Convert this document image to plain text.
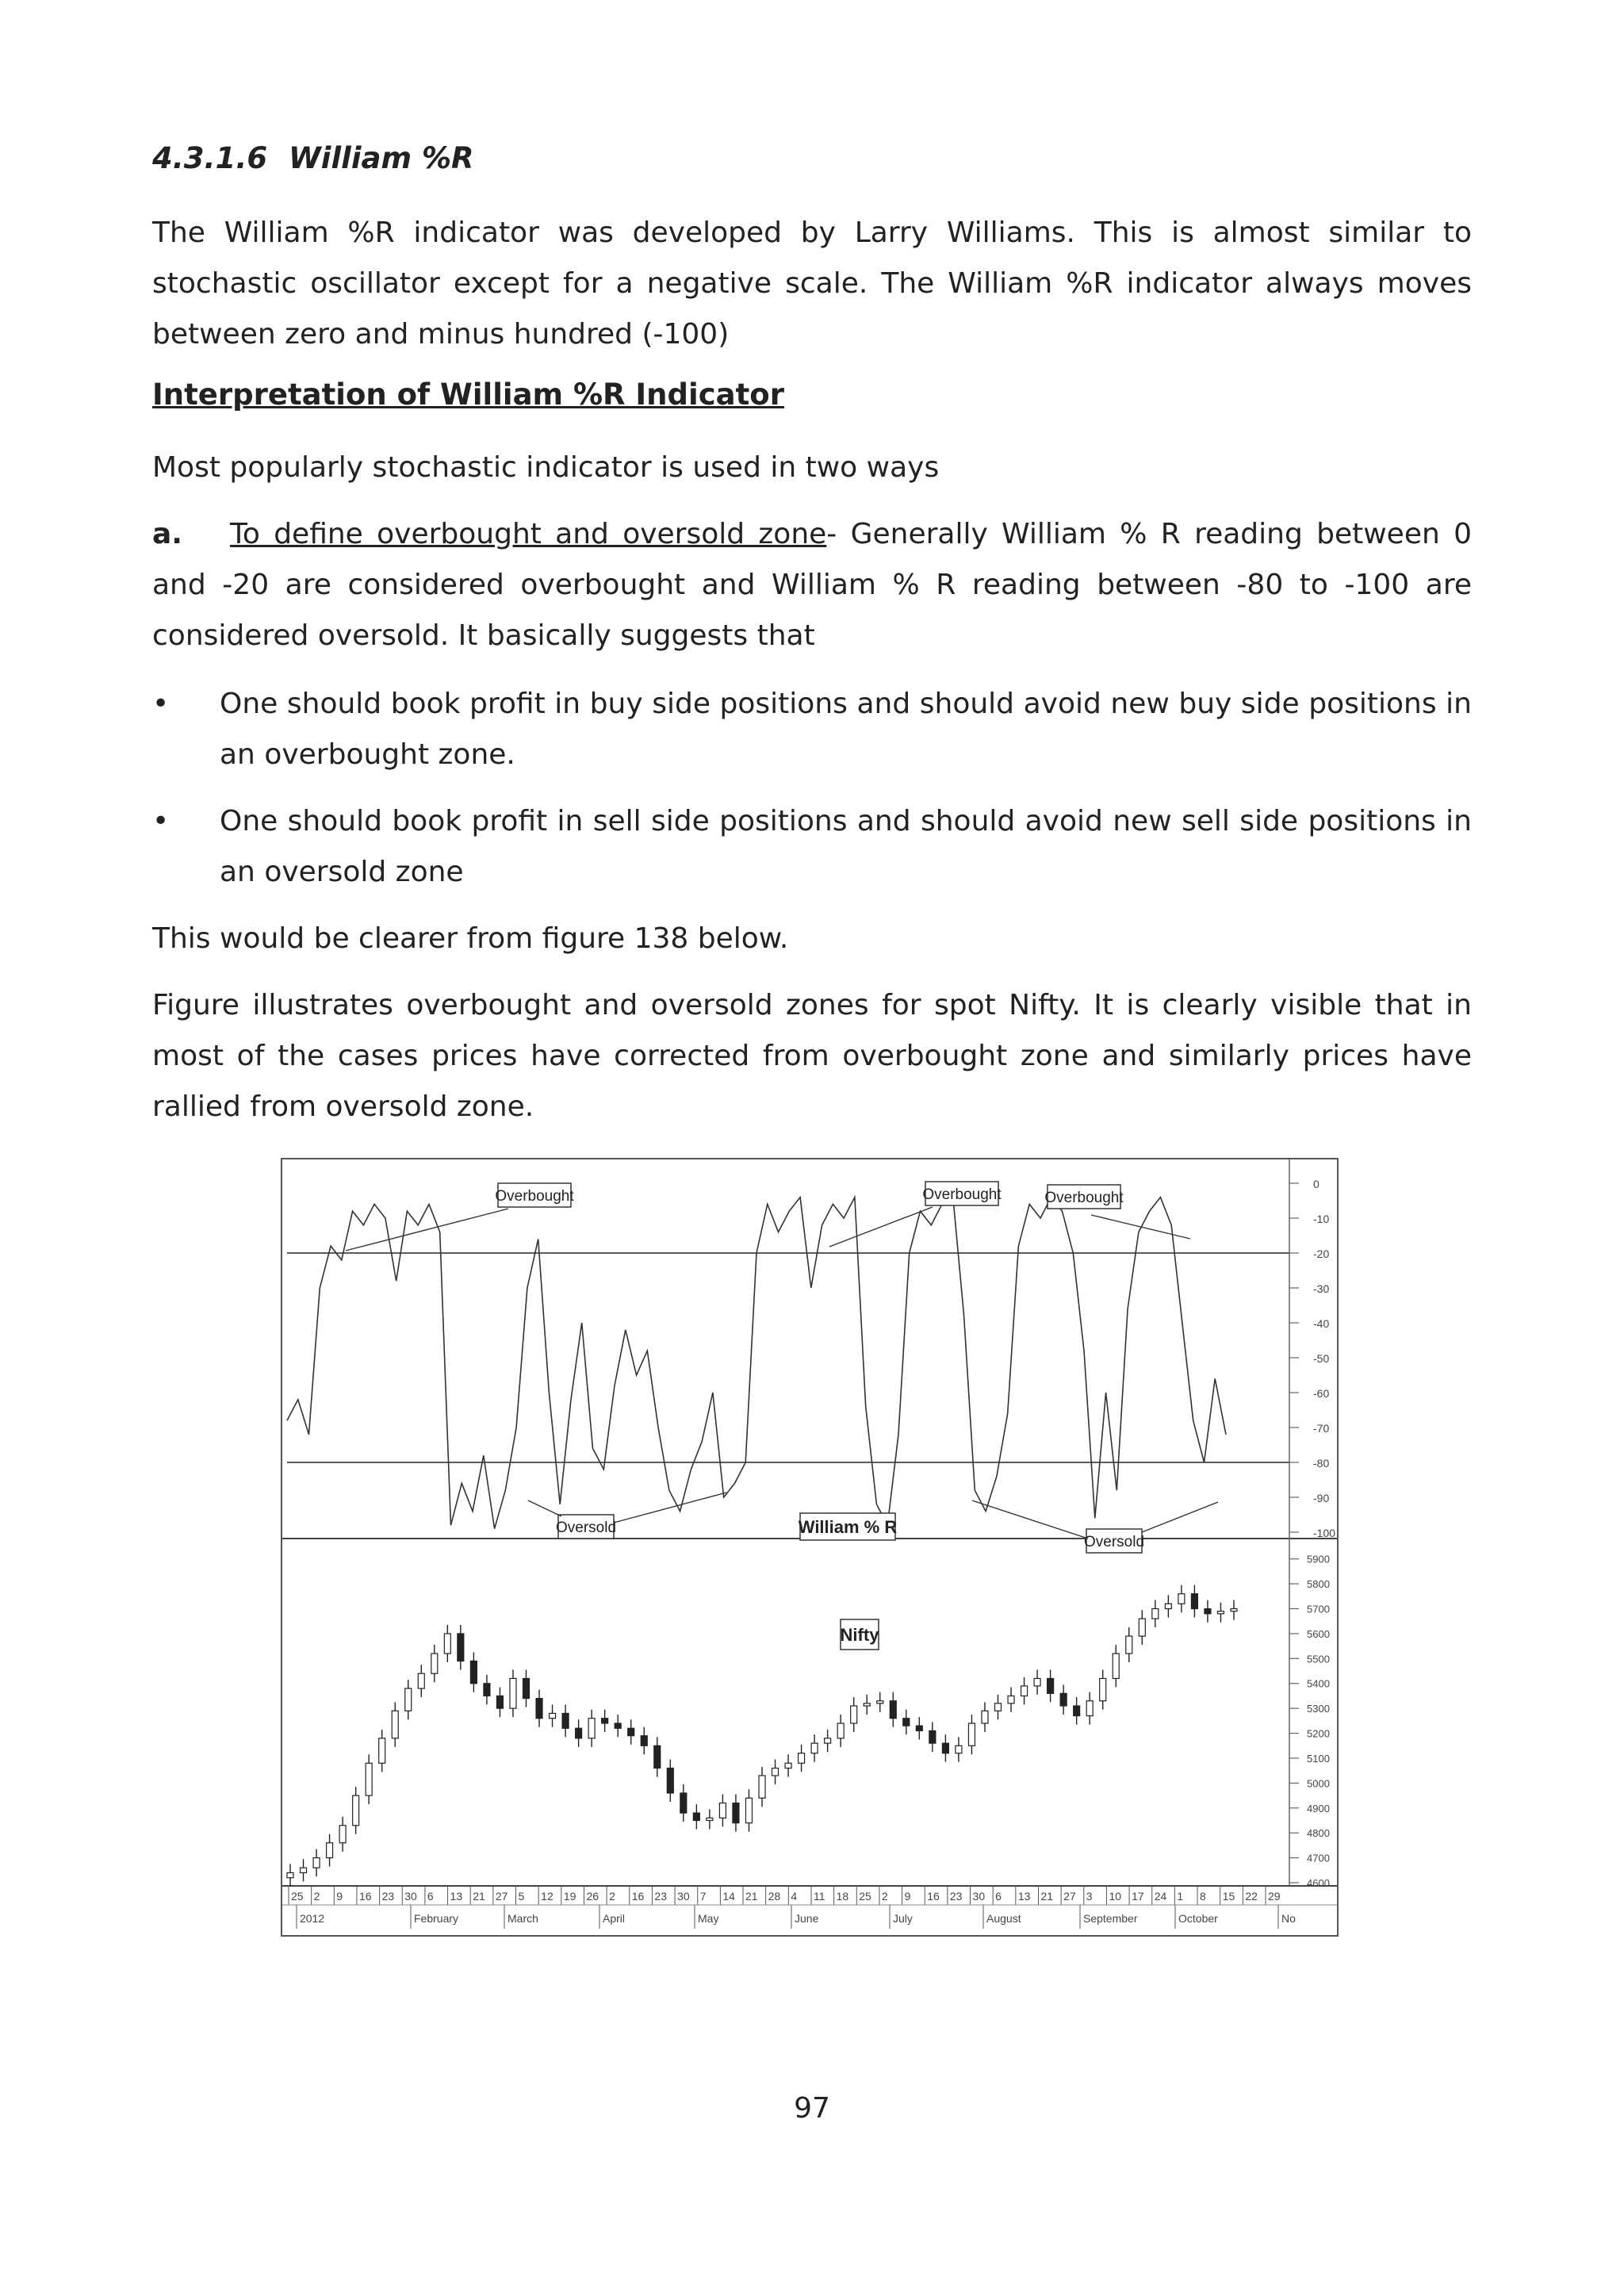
4.3.1.6 William %R

The William %R indicator was developed by Larry Williams. This is almost similar to stochastic oscillator except for a negative scale. The William %R indicator always moves between zero and minus hundred (-100)

Interpretation of William %R Indicator

Most popularly stochastic indicator is used in two ways

a. To define overbought and oversold zone- Generally William % R reading between 0 and -20 are considered overbought and William % R reading between -80 to -100 are considered oversold. It basically suggests that

• One should book profit in buy side positions and should avoid new buy side positions in an overbought zone.
• One should book profit in sell side positions and should avoid new sell side positions in an oversold zone

This would be clearer from figure 138 below.

Figure illustrates overbought and oversold zones for spot Nifty. It is clearly visible that in most of the cases prices have corrected from overbought zone and similarly prices have rallied from oversold zone.

0
-10
-20
-30
-40
-50
-60
-70
-80
-90
-100
Overbought	Overbought	Overbought
Oversold
Oversold
William % R
5900
5800
5700
5600
5500
5400
5300
5200
5100
5000
4900
4800
4700
4600
Nifty
25 2 9 16 23 30 6 13 21 27 5 12 19 26 2 16 23 30 7 14 21 28 4 11 18 25 2 9 16 23 30 6 13 21 27 3 10 17 24 1 8 15 22 29
2012	February	March	April	May	June	July	August	September	October	No
97
